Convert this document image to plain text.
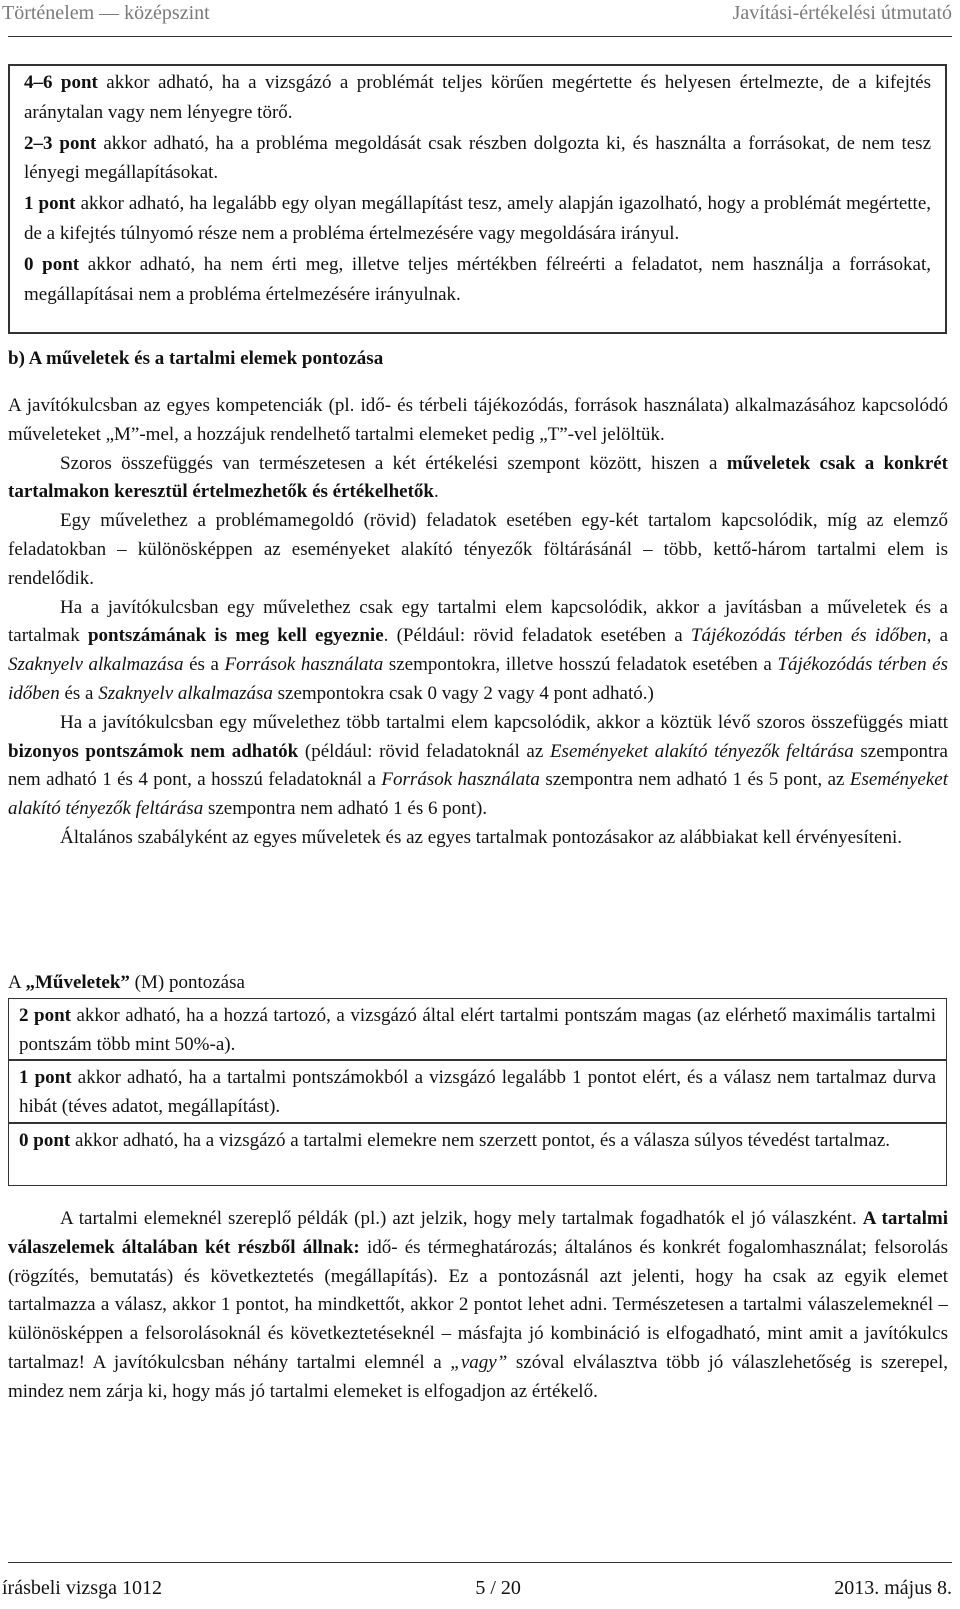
Történelem — középszint	Javítási-értékelési útmutató

4–6 pont akkor adható, ha a vizsgázó a problémát teljes körűen megértette és helyesen értelmezte, de a kifejtés aránytalan vagy nem lényegre törő.

2–3 pont akkor adható, ha a probléma megoldását csak részben dolgozta ki, és használta a forrásokat, de nem tesz lényegi megállapításokat.

1 pont akkor adható, ha legalább egy olyan megállapítást tesz, amely alapján igazolható, hogy a problémát megértette, de a kifejtés túlnyomó része nem a probléma értelmezésére vagy megoldására irányul.

0 pont akkor adható, ha nem érti meg, illetve teljes mértékben félreérti a feladatot, nem használja a forrásokat, megállapításai nem a probléma értelmezésére irányulnak.

b) A műveletek és a tartalmi elemek pontozása

A javítókulcsban az egyes kompetenciák (pl. idő- és térbeli tájékozódás, források használata) alkalmazásához kapcsolódó műveleteket „M”-mel, a hozzájuk rendelhető tartalmi elemeket pedig „T”-vel jelöltük.

Szoros összefüggés van természetesen a két értékelési szempont között, hiszen a műveletek csak a konkrét tartalmakon keresztül értelmezhetők és értékelhetők.

Egy művelethez a problémamegoldó (rövid) feladatok esetében egy-két tartalom kapcsolódik, míg az elemző feladatokban – különösképpen az eseményeket alakító tényezők föltárásánál – több, kettő-három tartalmi elem is rendelődik.

Ha a javítókulcsban egy művelethez csak egy tartalmi elem kapcsolódik, akkor a javításban a műveletek és a tartalmak pontszámának is meg kell egyeznie. (Például: rövid feladatok esetében a Tájékozódás térben és időben, a Szaknyelv alkalmazása és a Források használata szempontokra, illetve hosszú feladatok esetében a Tájékozódás térben és időben és a Szaknyelv alkalmazása szempontokra csak 0 vagy 2 vagy 4 pont adható.)

Ha a javítókulcsban egy művelethez több tartalmi elem kapcsolódik, akkor a köztük lévő szoros összefüggés miatt bizonyos pontszámok nem adhatók (például: rövid feladatoknál az Eseményeket alakító tényezők feltárása szempontra nem adható 1 és 4 pont, a hosszú feladatoknál a Források használata szempontra nem adható 1 és 5 pont, az Eseményeket alakító tényezők feltárása szempontra nem adható 1 és 6 pont).

Általános szabályként az egyes műveletek és az egyes tartalmak pontozásakor az alábbiakat kell érvényesíteni.

A „Műveletek” (M) pontozása
2 pont akkor adható, ha a hozzá tartozó, a vizsgázó által elért tartalmi pontszám magas (az elérhető maximális tartalmi pontszám több mint 50%-a).
1 pont akkor adható, ha a tartalmi pontszámokból a vizsgázó legalább 1 pontot elért, és a válasz nem tartalmaz durva hibát (téves adatot, megállapítást).
0 pont akkor adható, ha a vizsgázó a tartalmi elemekre nem szerzett pontot, és a válasza súlyos tévedést tartalmaz.

A tartalmi elemeknél szereplő példák (pl.) azt jelzik, hogy mely tartalmak fogadhatók el jó válaszként. A tartalmi válaszelemek általában két részből állnak: idő- és térmeghatározás; általános és konkrét fogalomhasználat; felsorolás (rögzítés, bemutatás) és következtetés (megállapítás). Ez a pontozásnál azt jelenti, hogy ha csak az egyik elemet tartalmazza a válasz, akkor 1 pontot, ha mindkettőt, akkor 2 pontot lehet adni. Természetesen a tartalmi válaszelemeknél – különösképpen a felsorolásoknál és következtetéseknél – másfajta jó kombináció is elfogadható, mint amit a javítókulcs tartalmaz! A javítókulcsban néhány tartalmi elemnél a „vagy” szóval elválasztva több jó válaszlehetőség is szerepel, mindez nem zárja ki, hogy más jó tartalmi elemeket is elfogadjon az értékelő.

írásbeli vizsga 1012	5 / 20	2013. május 8.
